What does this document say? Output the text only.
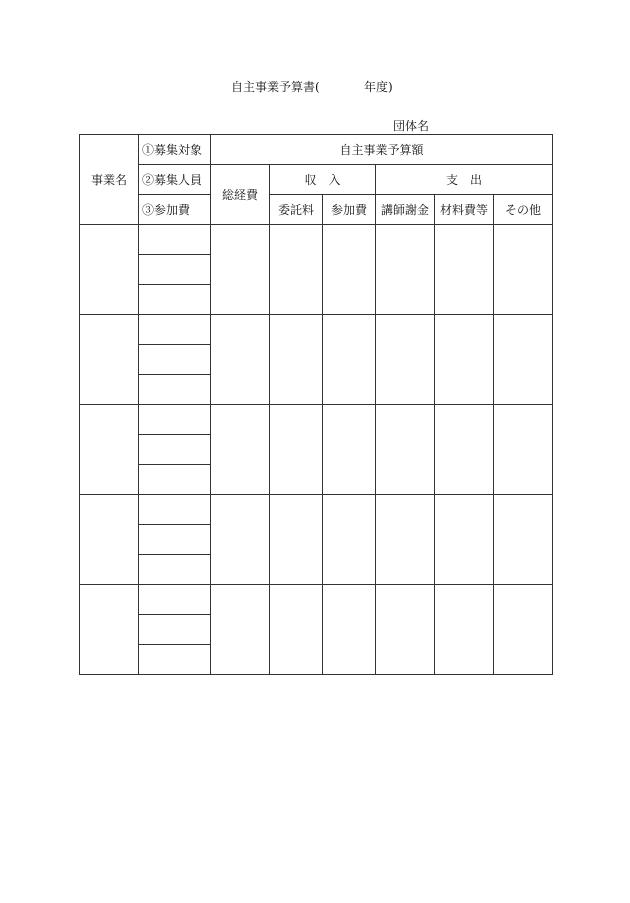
自主事業予算書(

	年度)

団体名
事業名	①募集対象	自主事業予算額					
	②募集人員	総経費	収　入		支　出		
	③参加費		委託料	参加費	講師謝金	材料費等	その他
